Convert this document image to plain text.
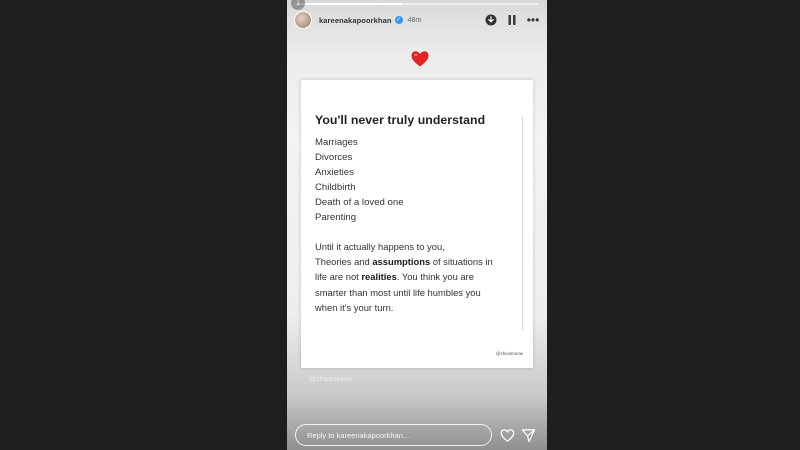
↓
kareenakapoorkhan ✓ 48m	•••
You'll never truly understand
Marriages
Divorces
Anxieties
Childbirth
Death of a loved one
Parenting
Until it actually happens to you,
Theories and assumptions of situations in
life are not realities. You think you are
smarter than most until life humbles you
when it's your turn.
@shivamnow
@shivamnow
Reply to kareenakapoorkhan...
